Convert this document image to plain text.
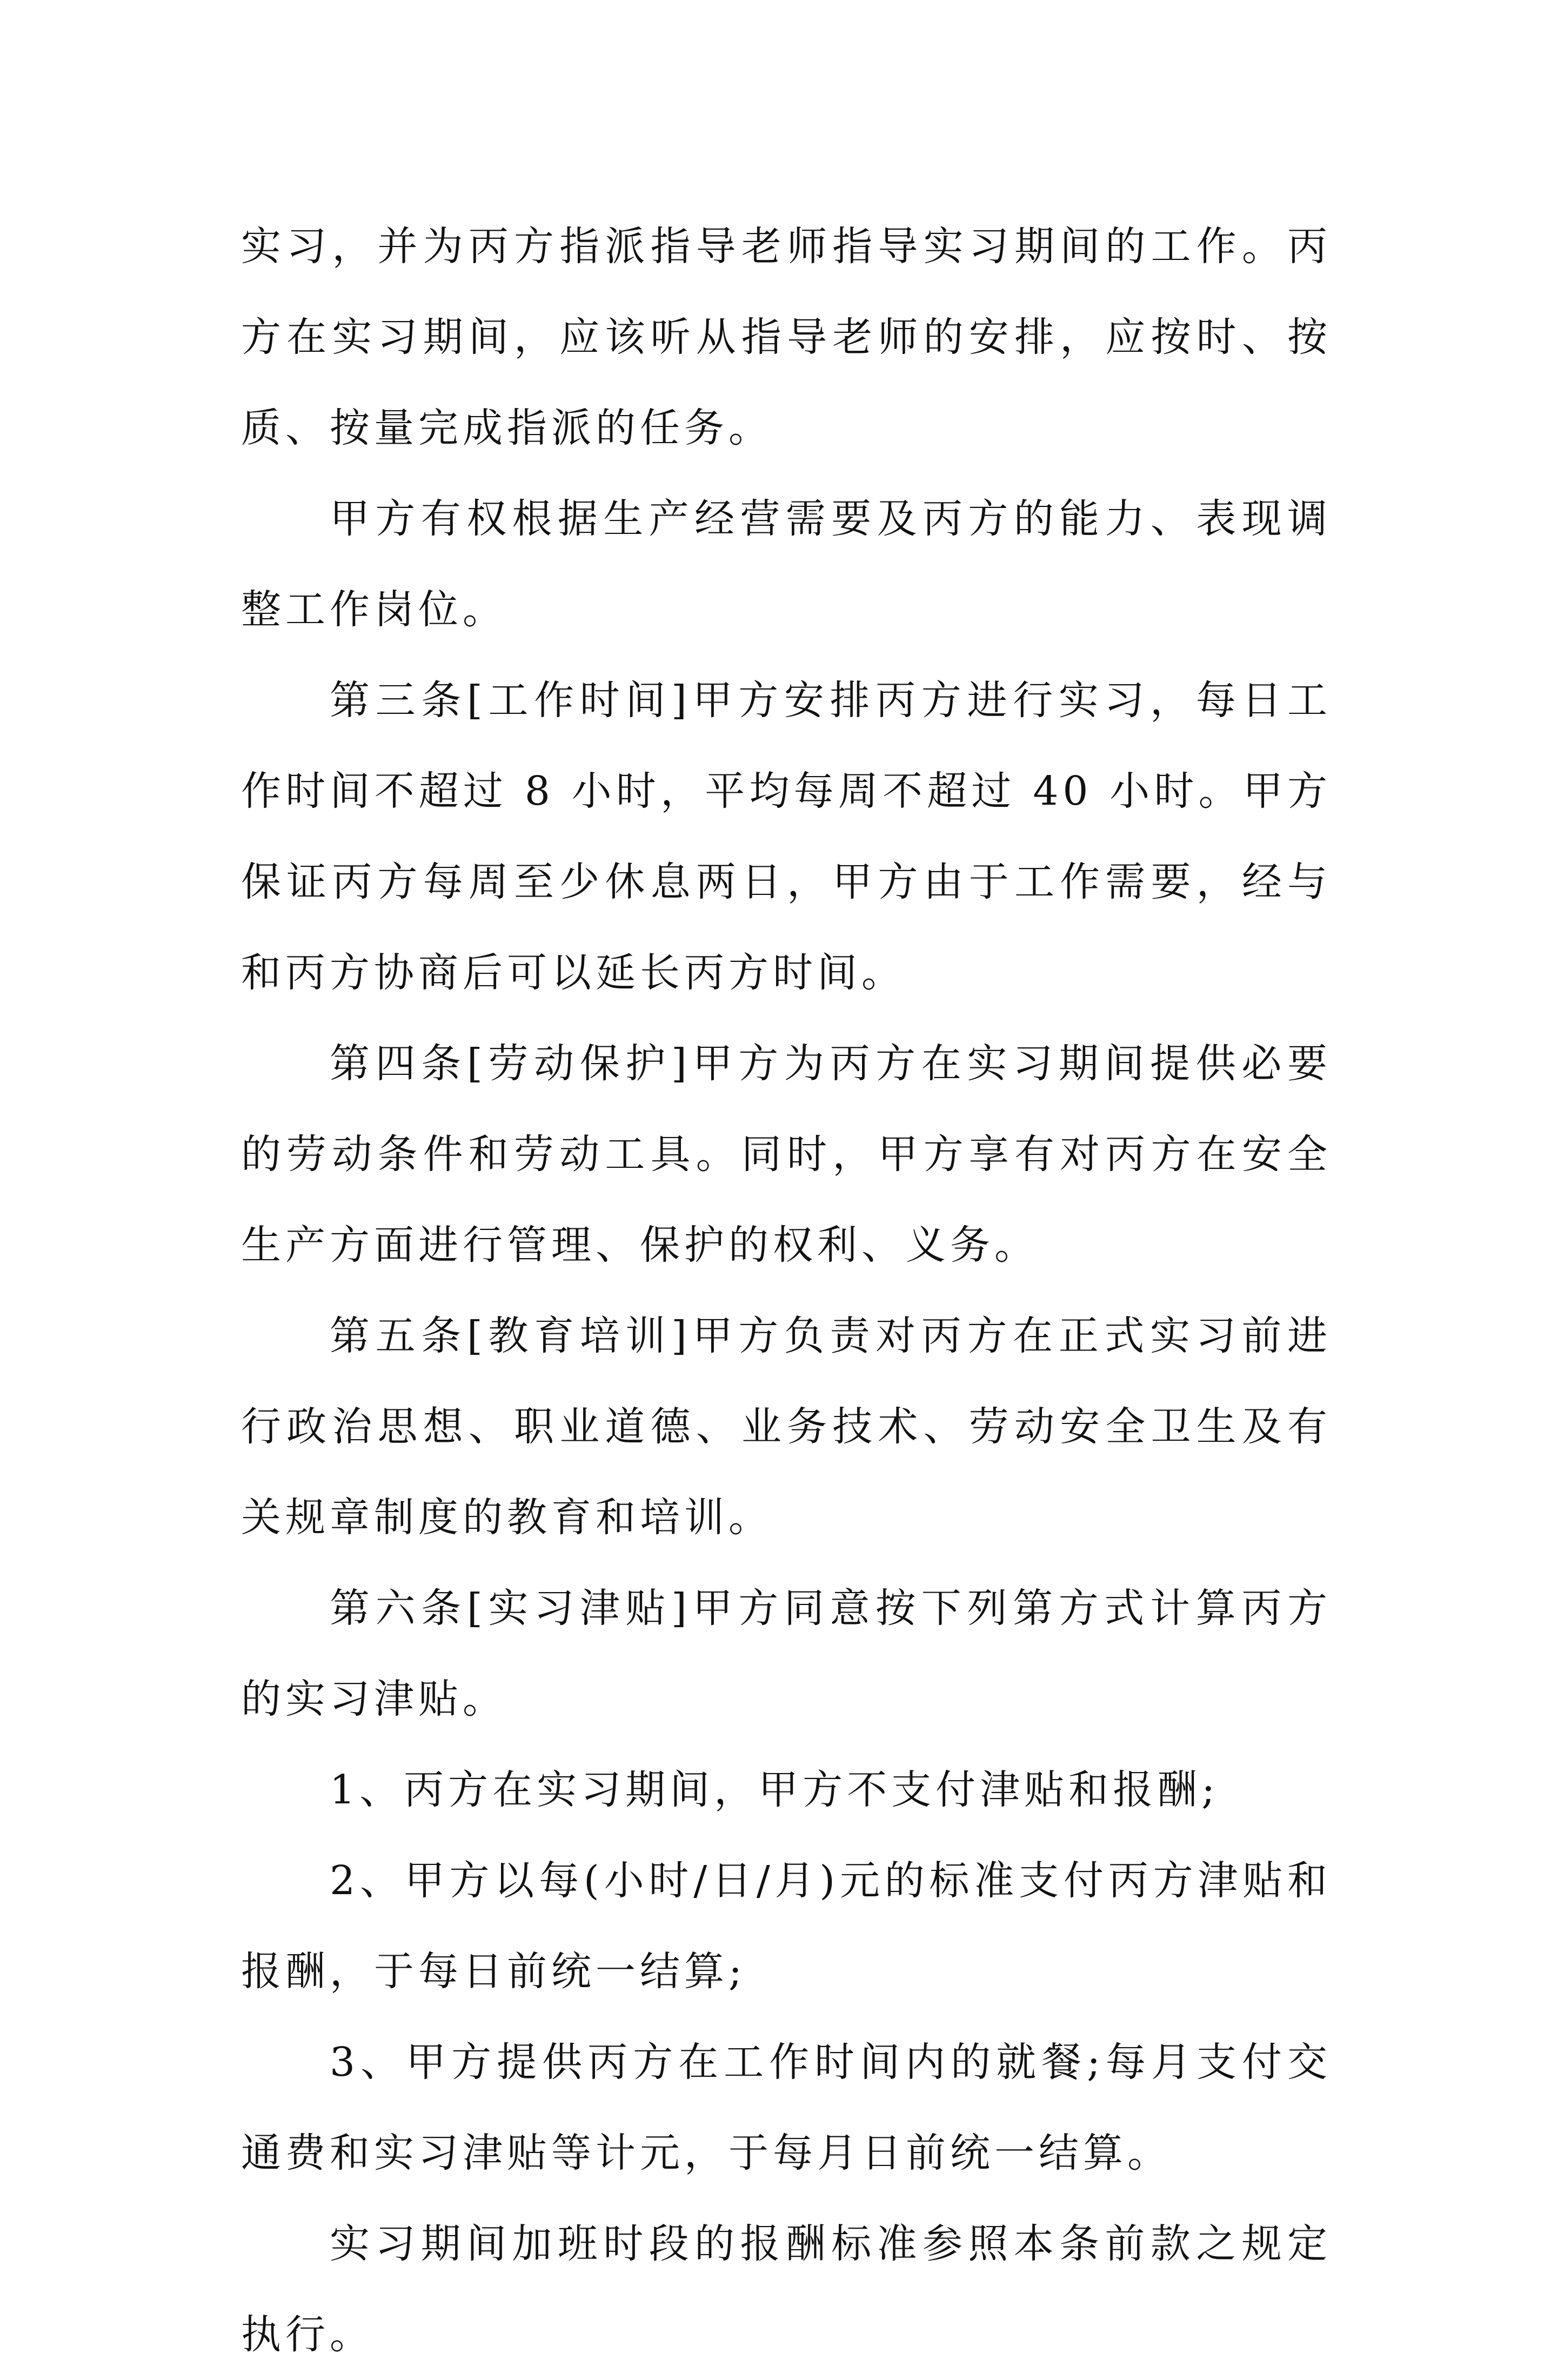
实习，并为丙方指派指导老师指导实习期间的工作。丙方在实习期间，应该听从指导老师的安排，应按时、按质、按量完成指派的任务。

甲方有权根据生产经营需要及丙方的能力、表现调整工作岗位。

第三条[工作时间]甲方安排丙方进行实习，每日工作时间不超过 8 小时，平均每周不超过 40 小时。甲方保证丙方每周至少休息两日，甲方由于工作需要，经与和丙方协商后可以延长丙方时间。

第四条[劳动保护]甲方为丙方在实习期间提供必要的劳动条件和劳动工具。同时，甲方享有对丙方在安全生产方面进行管理、保护的权利、义务。

第五条[教育培训]甲方负责对丙方在正式实习前进行政治思想、职业道德、业务技术、劳动安全卫生及有关规章制度的教育和培训。

第六条[实习津贴]甲方同意按下列第方式计算丙方的实习津贴。

1、丙方在实习期间，甲方不支付津贴和报酬;

2、甲方以每(小时/日/月)元的标准支付丙方津贴和报酬，于每日前统一结算;

3、甲方提供丙方在工作时间内的就餐;每月支付交通费和实习津贴等计元，于每月日前统一结算。

实习期间加班时段的报酬标准参照本条前款之规定执行。
